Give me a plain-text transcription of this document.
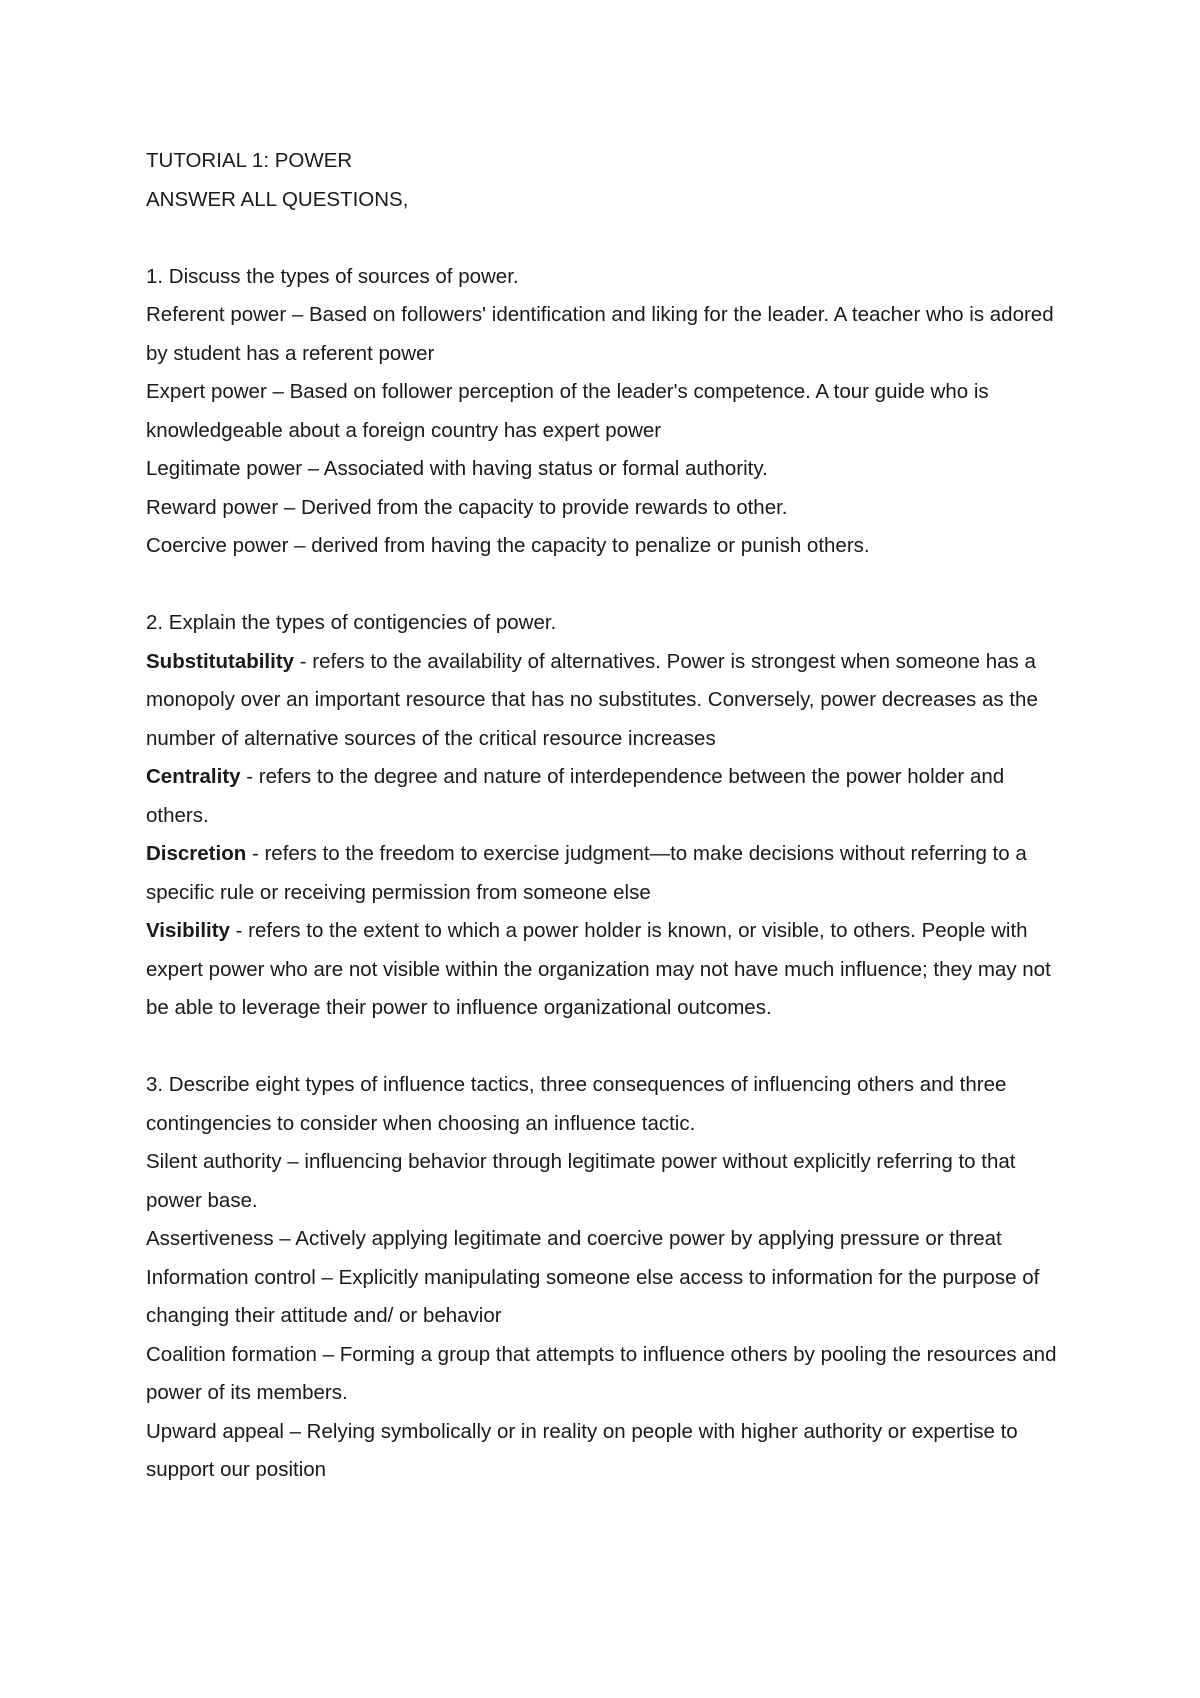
TUTORIAL 1: POWER

ANSWER ALL QUESTIONS,

1. Discuss the types of sources of power.

Referent power – Based on followers' identification and liking for the leader. A teacher who is adored by student has a referent power

Expert power – Based on follower perception of the leader's competence. A tour guide who is knowledgeable about a foreign country has expert power

Legitimate power – Associated with having status or formal authority.

Reward power – Derived from the capacity to provide rewards to other.

Coercive power – derived from having the capacity to penalize or punish others.

2. Explain the types of contigencies of power.

Substitutability - refers to the availability of alternatives. Power is strongest when someone has a monopoly over an important resource that has no substitutes. Conversely, power decreases as the number of alternative sources of the critical resource increases

Centrality - refers to the degree and nature of interdependence between the power holder and others.

Discretion - refers to the freedom to exercise judgment—to make decisions without referring to a specific rule or receiving permission from someone else

Visibility - refers to the extent to which a power holder is known, or visible, to others. People with expert power who are not visible within the organization may not have much influence; they may not be able to leverage their power to influence organizational outcomes.

3. Describe eight types of influence tactics, three consequences of influencing others and three contingencies to consider when choosing an influence tactic.

Silent authority – influencing behavior through legitimate power without explicitly referring to that power base.

Assertiveness – Actively applying legitimate and coercive power by applying pressure or threat

Information control – Explicitly manipulating someone else access to information for the purpose of changing their attitude and/ or behavior

Coalition formation – Forming a group that attempts to influence others by pooling the resources and power of its members.

Upward appeal – Relying symbolically or in reality on people with higher authority or expertise to support our position
